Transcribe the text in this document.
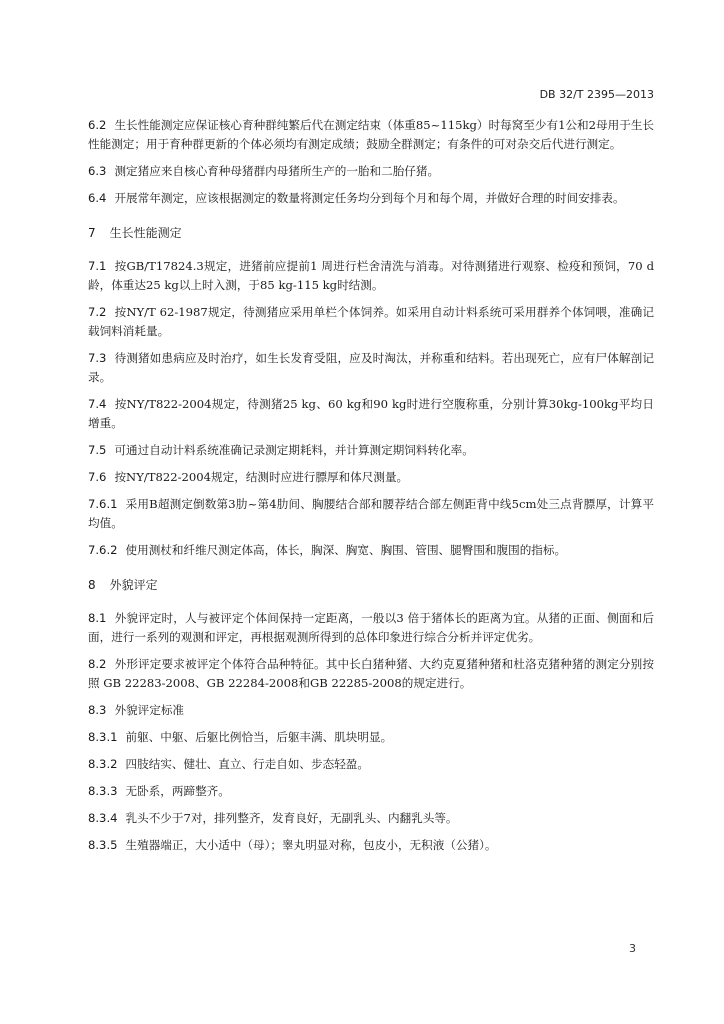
DB 32/T 2395—2013

6.2 生长性能测定应保证核心育种群纯繁后代在测定结束（体重85~115kg）时每窝至少有1公和2母用于生长性能测定；用于育种群更新的个体必须均有测定成绩；鼓励全群测定；有条件的可对杂交后代进行测定。

6.3 测定猪应来自核心育种母猪群内母猪所生产的一胎和二胎仔猪。

6.4 开展常年测定，应该根据测定的数量将测定任务均分到每个月和每个周，并做好合理的时间安排表。

7 生长性能测定

7.1 按GB/T17824.3规定，进猪前应提前1 周进行栏舍清洗与消毒。对待测猪进行观察、检疫和预饲，70 d龄，体重达25 kg以上时入测，于85 kg-115 kg时结测。

7.2 按NY/T 62-1987规定，待测猪应采用单栏个体饲养。如采用自动计料系统可采用群养个体饲喂，准确记载饲料消耗量。

7.3 待测猪如患病应及时治疗，如生长发育受阻，应及时淘汰，并称重和结料。若出现死亡，应有尸体解剖记录。

7.4 按NY/T822-2004规定，待测猪25 kg、60 kg和90 kg时进行空腹称重，分别计算30kg-100kg平均日增重。

7.5 可通过自动计料系统准确记录测定期耗料，并计算测定期饲料转化率。

7.6 按NY/T822-2004规定，结测时应进行膘厚和体尺测量。

7.6.1 采用B超测定倒数第3肋~第4肋间、胸腰结合部和腰荐结合部左侧距背中线5cm处三点背膘厚，计算平均值。

7.6.2 使用测杖和纤维尺测定体高，体长，胸深、胸宽、胸围、管围、腿臀围和腹围的指标。

8 外貌评定

8.1 外貌评定时，人与被评定个体间保持一定距离，一般以3 倍于猪体长的距离为宜。从猪的正面、侧面和后面，进行一系列的观测和评定，再根据观测所得到的总体印象进行综合分析并评定优劣。

8.2 外形评定要求被评定个体符合品种特征。其中长白猪种猪、大约克夏猪种猪和杜洛克猪种猪的测定分别按照 GB 22283-2008、GB 22284-2008和GB 22285-2008的规定进行。

8.3 外貌评定标准

8.3.1 前躯、中躯、后躯比例恰当，后躯丰满、肌块明显。

8.3.2 四肢结实、健壮、直立、行走自如、步态轻盈。

8.3.3 无卧系，两蹄整齐。

8.3.4 乳头不少于7对，排列整齐，发育良好，无副乳头、内翻乳头等。

8.3.5 生殖器端正，大小适中（母）；睾丸明显对称，包皮小，无积液（公猪）。

3
